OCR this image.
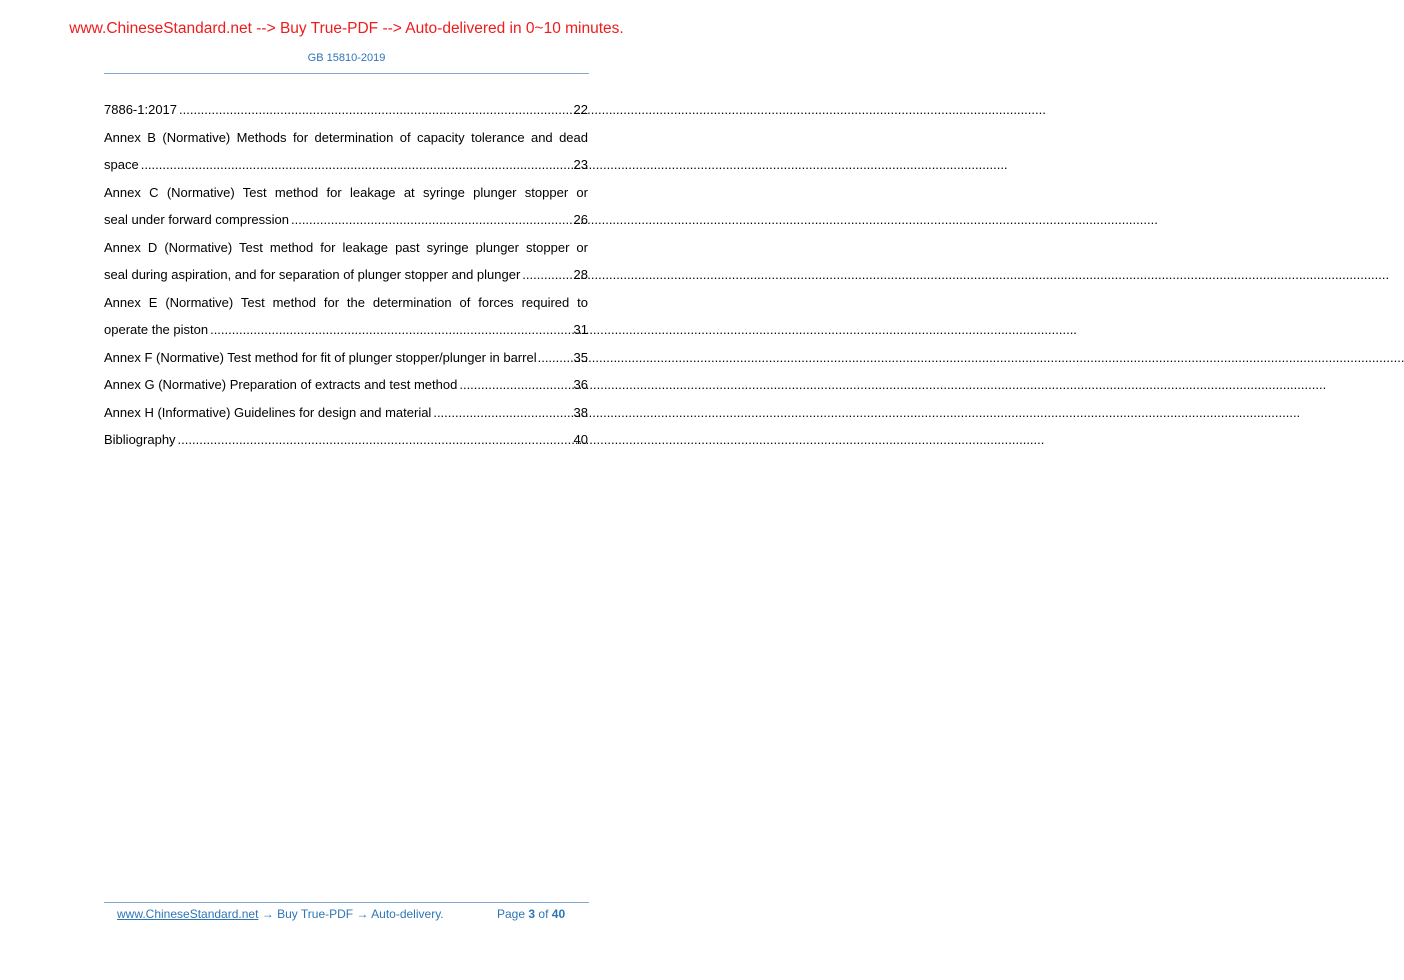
www.ChineseStandard.net --> Buy True-PDF --> Auto-delivered in 0~10 minutes.
GB 15810-2019
7886-1:2017 .....	22
Annex B (Normative) Methods for determination of capacity tolerance and dead
space .....	23
Annex C (Normative) Test method for leakage at syringe plunger stopper or
seal under forward compression .....	26
Annex D (Normative) Test method for leakage past syringe plunger stopper or
seal during aspiration, and for separation of plunger stopper and plunger .....	28
Annex E (Normative) Test method for the determination of forces required to
operate the piston .....	31
Annex F (Normative) Test method for fit of plunger stopper/plunger in barrel .....	35
Annex G (Normative) Preparation of extracts and test method .....	36
Annex H (Informative) Guidelines for design and material .....	38
Bibliography .....	40
www.ChineseStandard.net → Buy True-PDF → Auto-delivery.	Page 3 of 40
